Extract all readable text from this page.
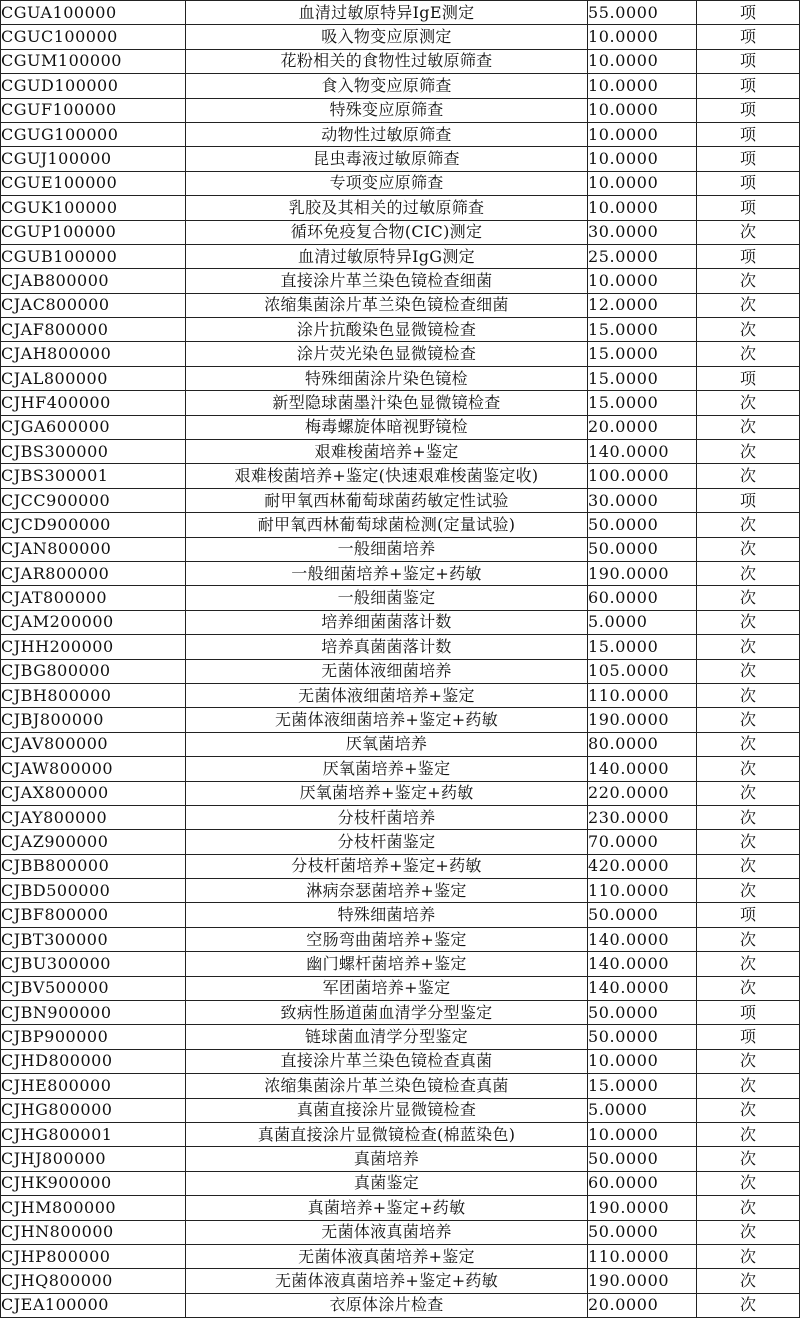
CGUA100000	血清过敏原特异IgE测定	55.0000	项
CGUC100000	吸入物变应原测定	10.0000	项
CGUM100000	花粉相关的食物性过敏原筛查	10.0000	项
CGUD100000	食入物变应原筛查	10.0000	项
CGUF100000	特殊变应原筛查	10.0000	项
CGUG100000	动物性过敏原筛查	10.0000	项
CGUJ100000	昆虫毒液过敏原筛查	10.0000	项
CGUE100000	专项变应原筛查	10.0000	项
CGUK100000	乳胶及其相关的过敏原筛查	10.0000	项
CGUP100000	循环免疫复合物(CIC)测定	30.0000	次
CGUB100000	血清过敏原特异IgG测定	25.0000	项
CJAB800000	直接涂片革兰染色镜检查细菌	10.0000	次
CJAC800000	浓缩集菌涂片革兰染色镜检查细菌	12.0000	次
CJAF800000	涂片抗酸染色显微镜检查	15.0000	次
CJAH800000	涂片荧光染色显微镜检查	15.0000	次
CJAL800000	特殊细菌涂片染色镜检	15.0000	项
CJHF400000	新型隐球菌墨汁染色显微镜检查	15.0000	次
CJGA600000	梅毒螺旋体暗视野镜检	20.0000	次
CJBS300000	艰难梭菌培养+鉴定	140.0000	次
CJBS300001	艰难梭菌培养+鉴定(快速艰难梭菌鉴定收)	100.0000	次
CJCC900000	耐甲氧西林葡萄球菌药敏定性试验	30.0000	项
CJCD900000	耐甲氧西林葡萄球菌检测(定量试验)	50.0000	次
CJAN800000	一般细菌培养	50.0000	次
CJAR800000	一般细菌培养+鉴定+药敏	190.0000	次
CJAT800000	一般细菌鉴定	60.0000	次
CJAM200000	培养细菌菌落计数	5.0000	次
CJHH200000	培养真菌菌落计数	15.0000	次
CJBG800000	无菌体液细菌培养	105.0000	次
CJBH800000	无菌体液细菌培养+鉴定	110.0000	次
CJBJ800000	无菌体液细菌培养+鉴定+药敏	190.0000	次
CJAV800000	厌氧菌培养	80.0000	次
CJAW800000	厌氧菌培养+鉴定	140.0000	次
CJAX800000	厌氧菌培养+鉴定+药敏	220.0000	次
CJAY800000	分枝杆菌培养	230.0000	次
CJAZ900000	分枝杆菌鉴定	70.0000	次
CJBB800000	分枝杆菌培养+鉴定+药敏	420.0000	次
CJBD500000	淋病奈瑟菌培养+鉴定	110.0000	次
CJBF800000	特殊细菌培养	50.0000	项
CJBT300000	空肠弯曲菌培养+鉴定	140.0000	次
CJBU300000	幽门螺杆菌培养+鉴定	140.0000	次
CJBV500000	军团菌培养+鉴定	140.0000	次
CJBN900000	致病性肠道菌血清学分型鉴定	50.0000	项
CJBP900000	链球菌血清学分型鉴定	50.0000	项
CJHD800000	直接涂片革兰染色镜检查真菌	10.0000	次
CJHE800000	浓缩集菌涂片革兰染色镜检查真菌	15.0000	次
CJHG800000	真菌直接涂片显微镜检查	5.0000	次
CJHG800001	真菌直接涂片显微镜检查(棉蓝染色)	10.0000	次
CJHJ800000	真菌培养	50.0000	次
CJHK900000	真菌鉴定	60.0000	次
CJHM800000	真菌培养+鉴定+药敏	190.0000	次
CJHN800000	无菌体液真菌培养	50.0000	次
CJHP800000	无菌体液真菌培养+鉴定	110.0000	次
CJHQ800000	无菌体液真菌培养+鉴定+药敏	190.0000	次
CJEA100000	衣原体涂片检查	20.0000	次
